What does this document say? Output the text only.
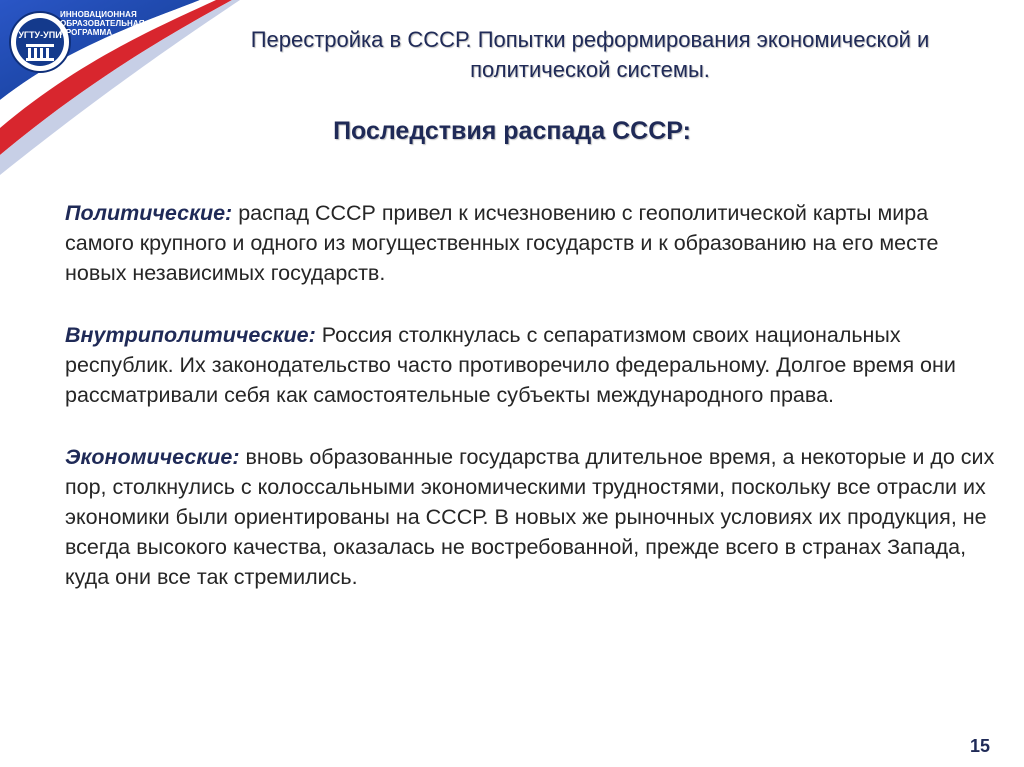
УГТУ-УПИ
ИННОВАЦИОННАЯ
ОБРАЗОВАТЕЛЬНАЯ
ПРОГРАММА	Перестройка в СССР. Попытки реформирования экономической и
политической системы.
Последствия распада СССР:

Политические: распад СССР привел к исчезновению с геополитической карты мира самого крупного и одного из могущественных государств и к образованию на его месте новых независимых государств.

Внутриполитические: Россия столкнулась с сепаратизмом своих национальных республик. Их законодательство часто противоречило федеральному. Долгое время они рассматривали себя как самостоятельные субъекты международного права.

Экономические: вновь образованные государства длительное время, а некоторые и до сих пор, столкнулись с колоссальными экономическими трудностями, поскольку все отрасли их экономики были ориентированы на СССР. В новых же рыночных условиях их продукция, не всегда высокого качества, оказалась не востребованной, прежде всего в странах Запада, куда они все так стремились.

15
